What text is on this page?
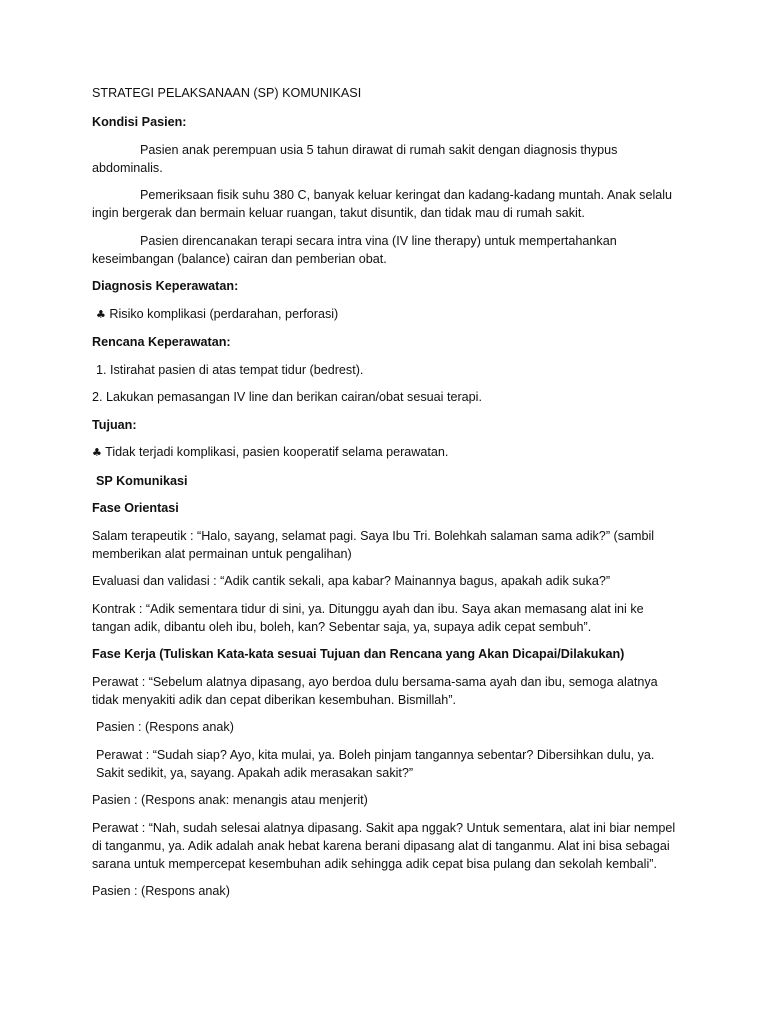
STRATEGI PELAKSANAAN (SP) KOMUNIKASI

Kondisi Pasien:

Pasien anak perempuan usia 5 tahun dirawat di rumah sakit dengan diagnosis thypus abdominalis.

Pemeriksaan fisik suhu 380 C, banyak keluar keringat dan kadang-kadang muntah. Anak selalu ingin bergerak dan bermain keluar ruangan, takut disuntik, dan tidak mau di rumah sakit.

Pasien direncanakan terapi secara intra vina (IV line therapy) untuk mempertahankan keseimbangan (balance) cairan dan pemberian obat.

Diagnosis Keperawatan:

♣ Risiko komplikasi (perdarahan, perforasi)

Rencana Keperawatan:

1. Istirahat pasien di atas tempat tidur (bedrest).

2. Lakukan pemasangan IV line dan berikan cairan/obat sesuai terapi.

Tujuan:

♣ Tidak terjadi komplikasi, pasien kooperatif selama perawatan.

SP Komunikasi

Fase Orientasi

Salam terapeutik : “Halo, sayang, selamat pagi. Saya Ibu Tri. Bolehkah salaman sama adik?” (sambil memberikan alat permainan untuk pengalihan)

Evaluasi dan validasi : “Adik cantik sekali, apa kabar? Mainannya bagus, apakah adik suka?”

Kontrak : “Adik sementara tidur di sini, ya. Ditunggu ayah dan ibu. Saya akan memasang alat ini ke tangan adik, dibantu oleh ibu, boleh, kan? Sebentar saja, ya, supaya adik cepat sembuh”.

Fase Kerja (Tuliskan Kata-kata sesuai Tujuan dan Rencana yang Akan Dicapai/Dilakukan)

Perawat : “Sebelum alatnya dipasang, ayo berdoa dulu bersama-sama ayah dan ibu, semoga alatnya tidak menyakiti adik dan cepat diberikan kesembuhan. Bismillah”.

Pasien : (Respons anak)

Perawat : “Sudah siap? Ayo, kita mulai, ya. Boleh pinjam tangannya sebentar? Dibersihkan dulu, ya. Sakit sedikit, ya, sayang. Apakah adik merasakan sakit?”

Pasien : (Respons anak: menangis atau menjerit)

Perawat : “Nah, sudah selesai alatnya dipasang. Sakit apa nggak? Untuk sementara, alat ini biar nempel di tanganmu, ya. Adik adalah anak hebat karena berani dipasang alat di tanganmu. Alat ini bisa sebagai sarana untuk mempercepat kesembuhan adik sehingga adik cepat bisa pulang dan sekolah kembali”.

Pasien : (Respons anak)
